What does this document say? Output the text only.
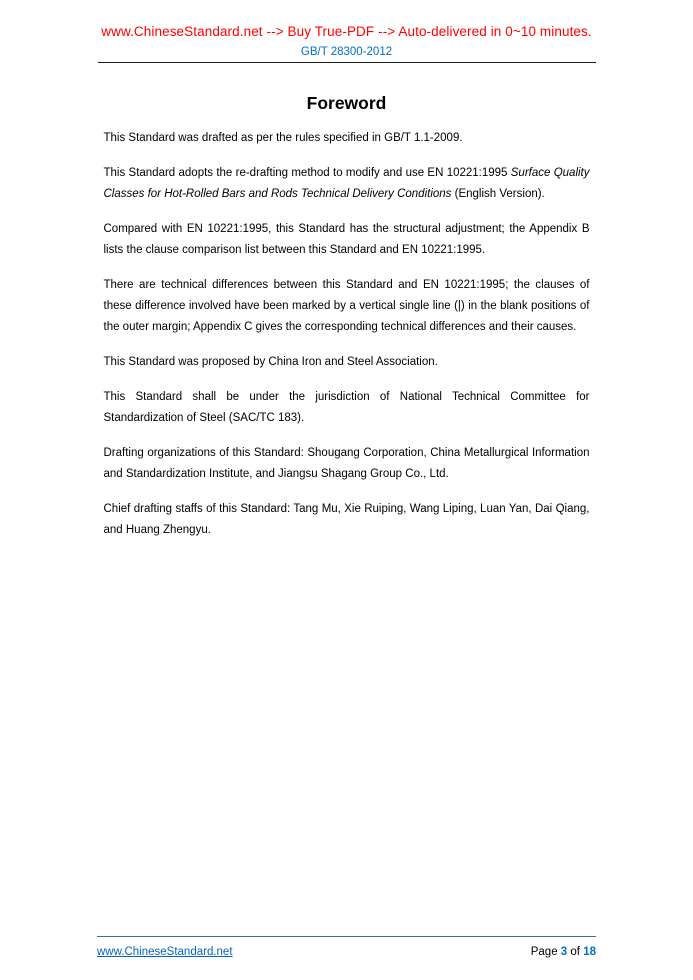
www.ChineseStandard.net --> Buy True-PDF --> Auto-delivered in 0~10 minutes.
GB/T 28300-2012
Foreword

This Standard was drafted as per the rules specified in GB/T 1.1-2009.

This Standard adopts the re-drafting method to modify and use EN 10221:1995 Surface Quality Classes for Hot-Rolled Bars and Rods Technical Delivery Conditions (English Version).

Compared with EN 10221:1995, this Standard has the structural adjustment; the Appendix B lists the clause comparison list between this Standard and EN 10221:1995.

There are technical differences between this Standard and EN 10221:1995; the clauses of these difference involved have been marked by a vertical single line (|) in the blank positions of the outer margin; Appendix C gives the corresponding technical differences and their causes.

This Standard was proposed by China Iron and Steel Association.

This Standard shall be under the jurisdiction of National Technical Committee for Standardization of Steel (SAC/TC 183).

Drafting organizations of this Standard: Shougang Corporation, China Metallurgical Information and Standardization Institute, and Jiangsu Shagang Group Co., Ltd.

Chief drafting staffs of this Standard: Tang Mu, Xie Ruiping, Wang Liping, Luan Yan, Dai Qiang, and Huang Zhengyu.

www.ChineseStandard.net	Page 3 of 18
